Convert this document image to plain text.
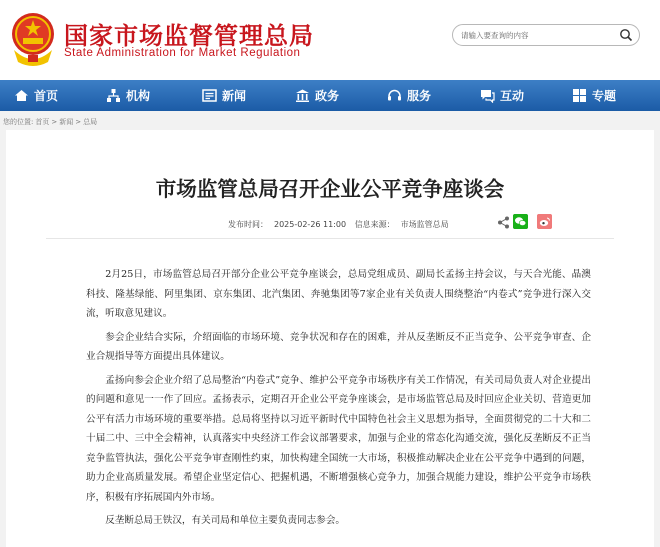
国家市场监督管理总局
State Administration for Market Regulation
请输入要查询的内容
首页	机构	新闻	政务	服务	互动	专题
您的位置: 首页 > 新闻 > 总局
市场监管总局召开企业公平竞争座谈会
发布时间： 2025-02-26 11:00 信息来源： 市场监管总局

2月25日，市场监管总局召开部分企业公平竞争座谈会，总局党组成员、副局长孟扬主持会议，与天合光能、晶澳科技、隆基绿能、阿里集团、京东集团、北汽集团、奔驰集团等7家企业有关负责人围绕整治“内卷式”竞争进行深入交流，听取意见建议。

参会企业结合实际，介绍面临的市场环境、竞争状况和存在的困难，并从反垄断反不正当竞争、公平竞争审查、企业合规指导等方面提出具体建议。

孟扬向参会企业介绍了总局整治“内卷式”竞争、维护公平竞争市场秩序有关工作情况，有关司局负责人对企业提出的问题和意见一一作了回应。孟扬表示，定期召开企业公平竞争座谈会，是市场监管总局及时回应企业关切、营造更加公平有活力市场环境的重要举措。总局将坚持以习近平新时代中国特色社会主义思想为指导，全面贯彻党的二十大和二十届二中、三中全会精神，认真落实中央经济工作会议部署要求，加强与企业的常态化沟通交流，强化反垄断反不正当竞争监管执法，强化公平竞争审查刚性约束，加快构建全国统一大市场，积极推动解决企业在公平竞争中遇到的问题，助力企业高质量发展。希望企业坚定信心、把握机遇，不断增强核心竞争力，加强合规能力建设，维护公平竞争市场秩序，积极有序拓展国内外市场。

反垄断总局王铁汉，有关司局和单位主要负责同志参会。
